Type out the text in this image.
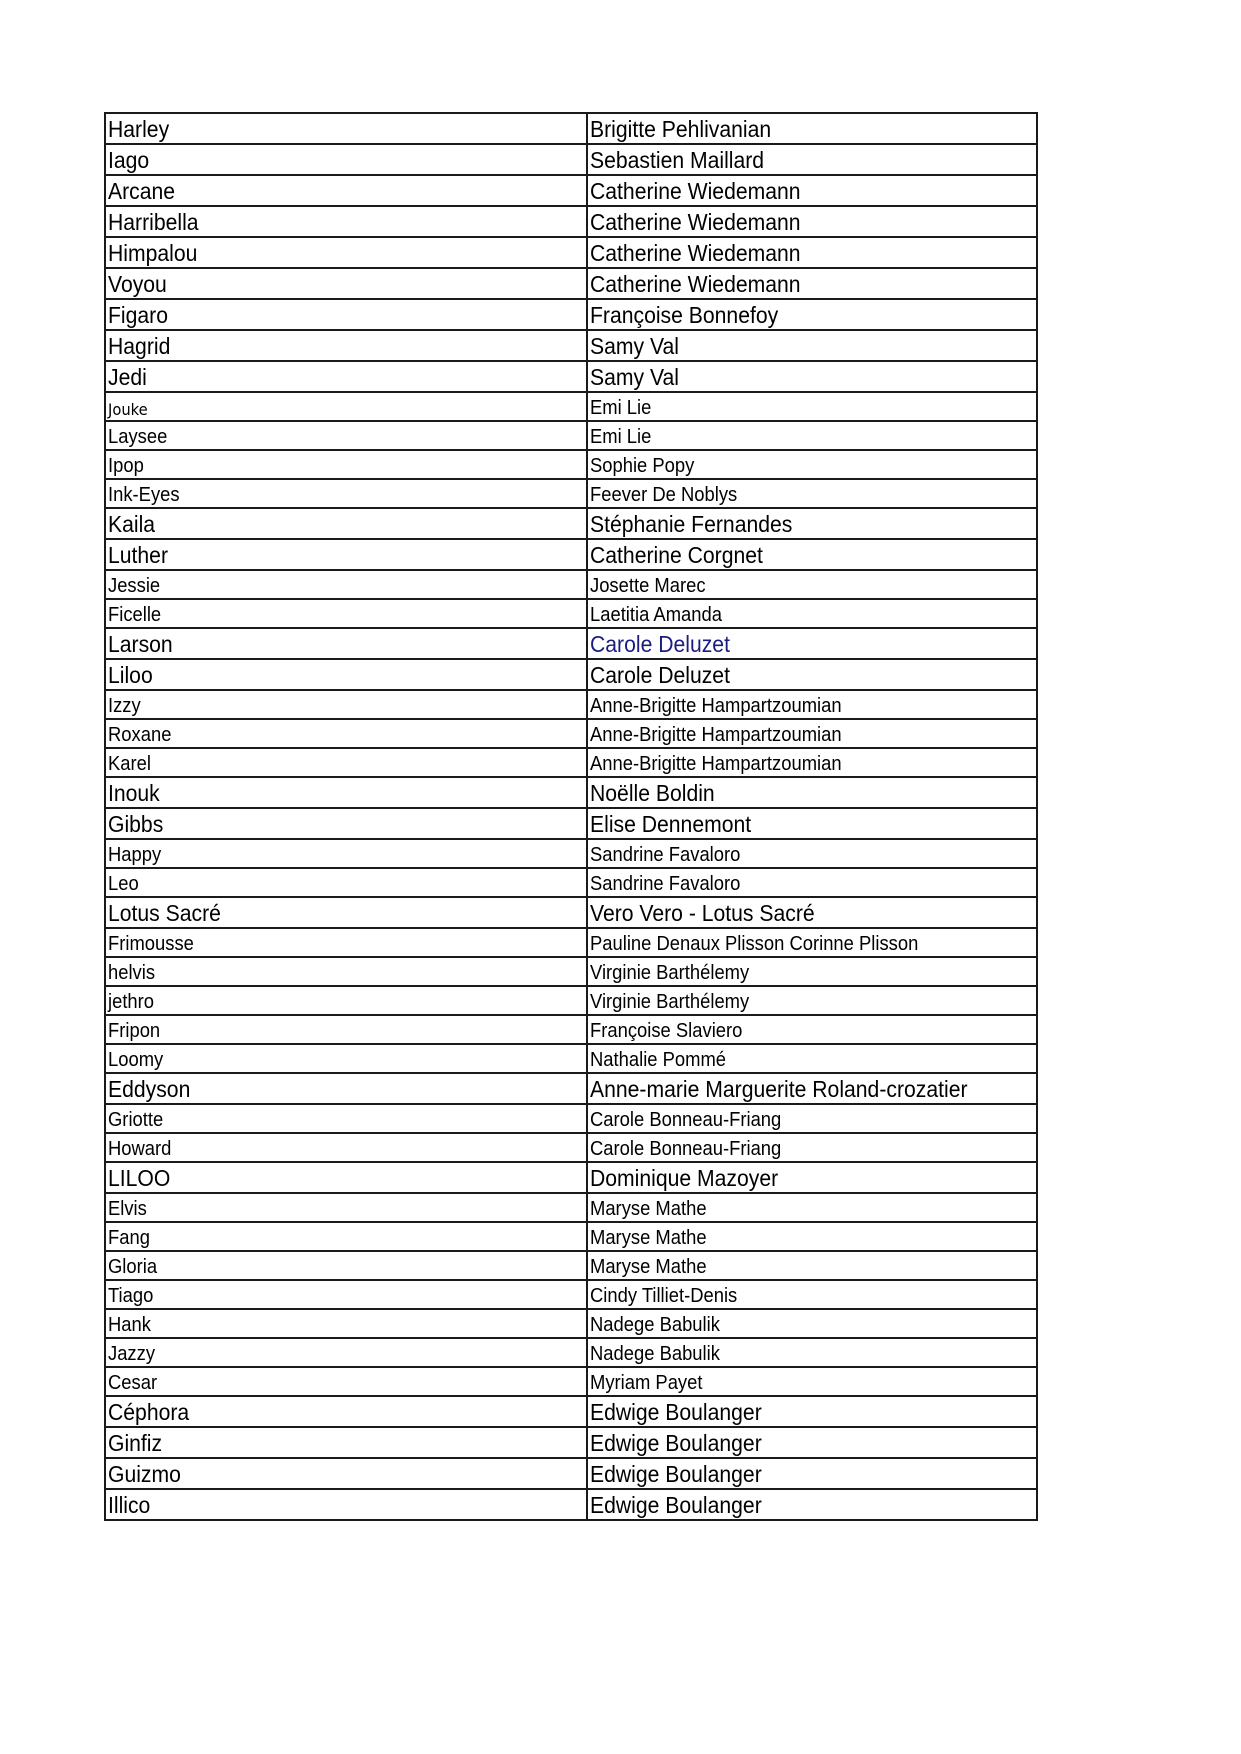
Harley	Brigitte Pehlivanian
Iago	Sebastien Maillard
Arcane	Catherine Wiedemann
Harribella	Catherine Wiedemann
Himpalou	Catherine Wiedemann
Voyou	Catherine Wiedemann
Figaro	Françoise Bonnefoy
Hagrid	Samy Val
Jedi	Samy Val
Jouke	Emi Lie
Laysee	Emi Lie
Ipop	Sophie Popy
Ink-Eyes	Feever De Noblys
Kaila	Stéphanie Fernandes
Luther	Catherine Corgnet
Jessie	Josette Marec
Ficelle	Laetitia Amanda
Larson	Carole Deluzet
Liloo	Carole Deluzet
Izzy	Anne-Brigitte Hampartzoumian
Roxane	Anne-Brigitte Hampartzoumian
Karel	Anne-Brigitte Hampartzoumian
Inouk	Noëlle Boldin
Gibbs	Elise Dennemont
Happy	Sandrine Favaloro
Leo	Sandrine Favaloro
Lotus Sacré	Vero Vero - Lotus Sacré
Frimousse	Pauline Denaux Plisson Corinne Plisson
helvis	Virginie Barthélemy
jethro	Virginie Barthélemy
Fripon	Françoise Slaviero
Loomy	Nathalie Pommé
Eddyson	Anne-marie Marguerite Roland-crozatier
Griotte	Carole Bonneau-Friang
Howard	Carole Bonneau-Friang
LILOO	Dominique Mazoyer
Elvis	Maryse Mathe
Fang	Maryse Mathe
Gloria	Maryse Mathe
Tiago	Cindy Tilliet-Denis
Hank	Nadege Babulik
Jazzy	Nadege Babulik
Cesar	Myriam Payet
Céphora	Edwige Boulanger
Ginfiz	Edwige Boulanger
Guizmo	Edwige Boulanger
Illico	Edwige Boulanger
